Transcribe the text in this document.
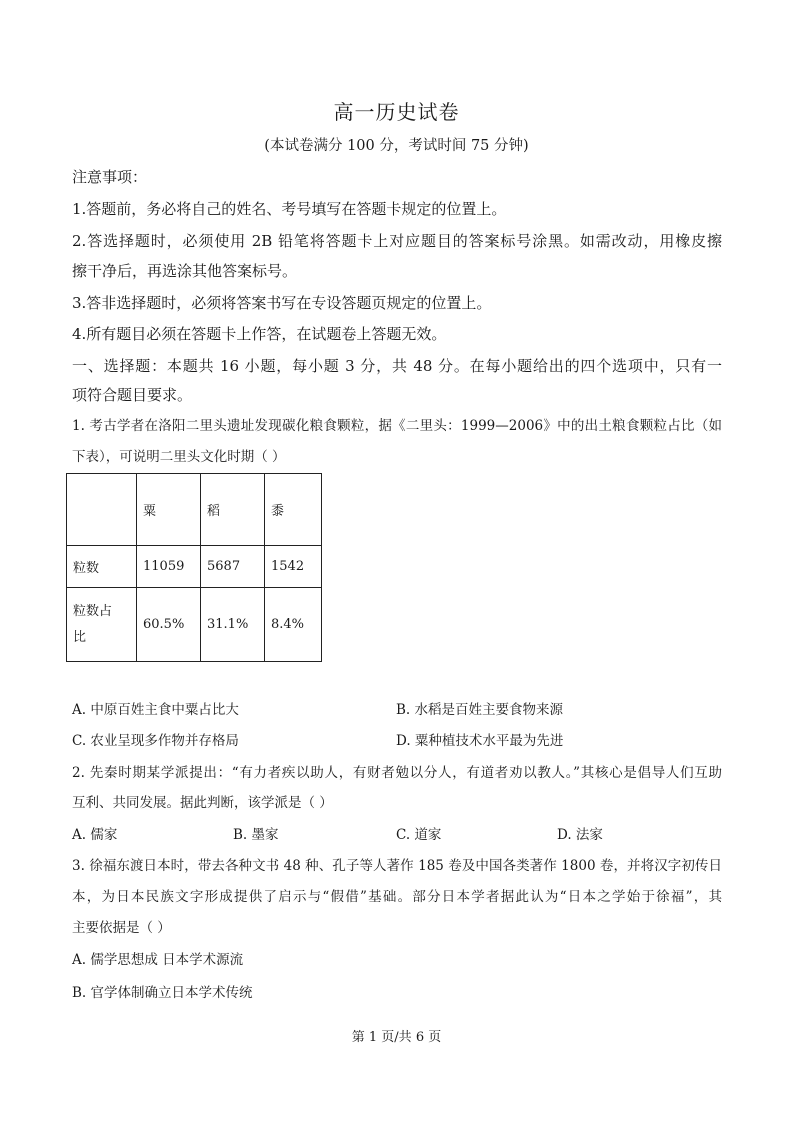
高一历史试卷
(本试卷满分 100 分，考试时间 75 分钟)
注意事项：
1.答题前，务必将自己的姓名、考号填写在答题卡规定的位置上。
2.答选择题时，必须使用 2B 铅笔将答题卡上对应题目的答案标号涂黑。如需改动，用橡皮擦
擦干净后，再选涂其他答案标号。
3.答非选择题时，必须将答案书写在专设答题页规定的位置上。
4.所有题目必须在答题卡上作答，在试题卷上答题无效。
一、选择题：本题共 16 小题，每小题 3 分，共 48 分。在每小题给出的四个选项中，只有一
项符合题目要求。
1. 考古学者在洛阳二里头遗址发现碳化粮食颗粒，据《二里头：1999—2006》中的出土粮食颗粒占比（如
下表），可说明二里头文化时期（ ）
	粟	稻	黍
粒数	11059	5687	1542
粒数占
比	60.5%	31.1%	8.4%
A. 中原百姓主食中粟占比大	B. 水稻是百姓主要食物来源
C. 农业呈现多作物并存格局	D. 粟种植技术水平最为先进
2. 先秦时期某学派提出：“有力者疾以助人，有财者勉以分人，有道者劝以教人。”其核心是倡导人们互助
互利、共同发展。据此判断，该学派是（ ）
A. 儒家	B. 墨家	C. 道家	D. 法家
3. 徐福东渡日本时，带去各种文书 48 种、孔子等人著作 185 卷及中国各类著作 1800 卷，并将汉字初传日
本，为日本民族文字形成提供了启示与“假借”基础。部分日本学者据此认为“日本之学始于徐福”，其
主要依据是（ ）
A. 儒学思想成 日本学术源流
B. 官学体制确立日本学术传统
第 1 页/共 6 页
